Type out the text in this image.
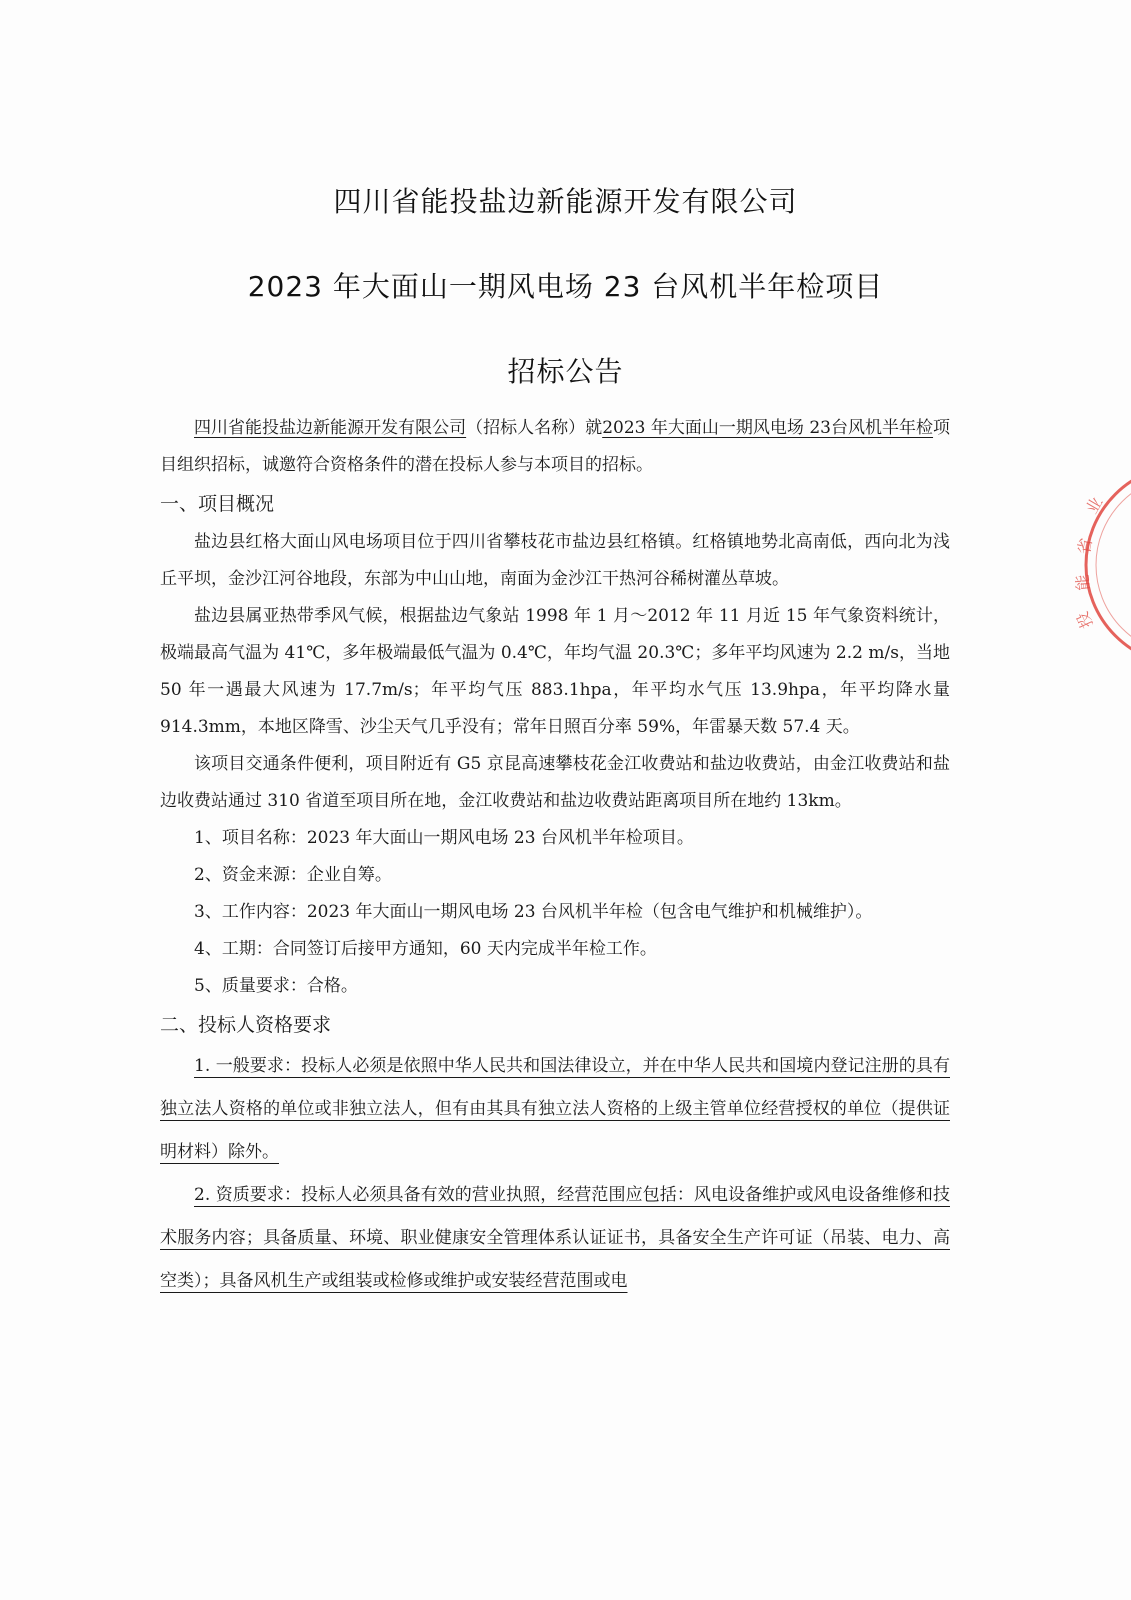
四川省能投盐边新能源开发有限公司
2023 年大面山一期风电场 23 台风机半年检项目
招标公告

四川省能投盐边新能源开发有限公司（招标人名称）就2023 年大面山一期风电场 23台风机半年检项目组织招标，诚邀符合资格条件的潜在投标人参与本项目的招标。

一、项目概况

盐边县红格大面山风电场项目位于四川省攀枝花市盐边县红格镇。红格镇地势北高南低，西向北为浅丘平坝，金沙江河谷地段，东部为中山山地，南面为金沙江干热河谷稀树灌丛草坡。

盐边县属亚热带季风气候，根据盐边气象站 1998 年 1 月～2012 年 11 月近 15 年气象资料统计，极端最高气温为 41℃，多年极端最低气温为 0.4℃，年均气温 20.3℃；多年平均风速为 2.2 m/s，当地 50 年一遇最大风速为 17.7m/s；年平均气压 883.1hpa，年平均水气压 13.9hpa，年平均降水量 914.3mm，本地区降雪、沙尘天气几乎没有；常年日照百分率 59%，年雷暴天数 57.4 天。

该项目交通条件便利，项目附近有 G5 京昆高速攀枝花金江收费站和盐边收费站，由金江收费站和盐边收费站通过 310 省道至项目所在地，金江收费站和盐边收费站距离项目所在地约 13km。

1、项目名称：2023 年大面山一期风电场 23 台风机半年检项目。

2、资金来源：企业自筹。

3、工作内容：2023 年大面山一期风电场 23 台风机半年检（包含电气维护和机械维护）。

4、工期：合同签订后接甲方通知，60 天内完成半年检工作。

5、质量要求：合格。

二、投标人资格要求

1. 一般要求：投标人必须是依照中华人民共和国法律设立，并在中华人民共和国境内登记注册的具有独立法人资格的单位或非独立法人，但有由其具有独立法人资格的上级主管单位经营授权的单位（提供证明材料）除外。

2. 资质要求：投标人必须具备有效的营业执照，经营范围应包括：风电设备维护或风电设备维修和技术服务内容；具备质量、环境、职业健康安全管理体系认证证书，具备安全生产许可证（吊装、电力、高空类）；具备风机生产或组装或检修或维护或安装经营范围或电

业
省
能
投
